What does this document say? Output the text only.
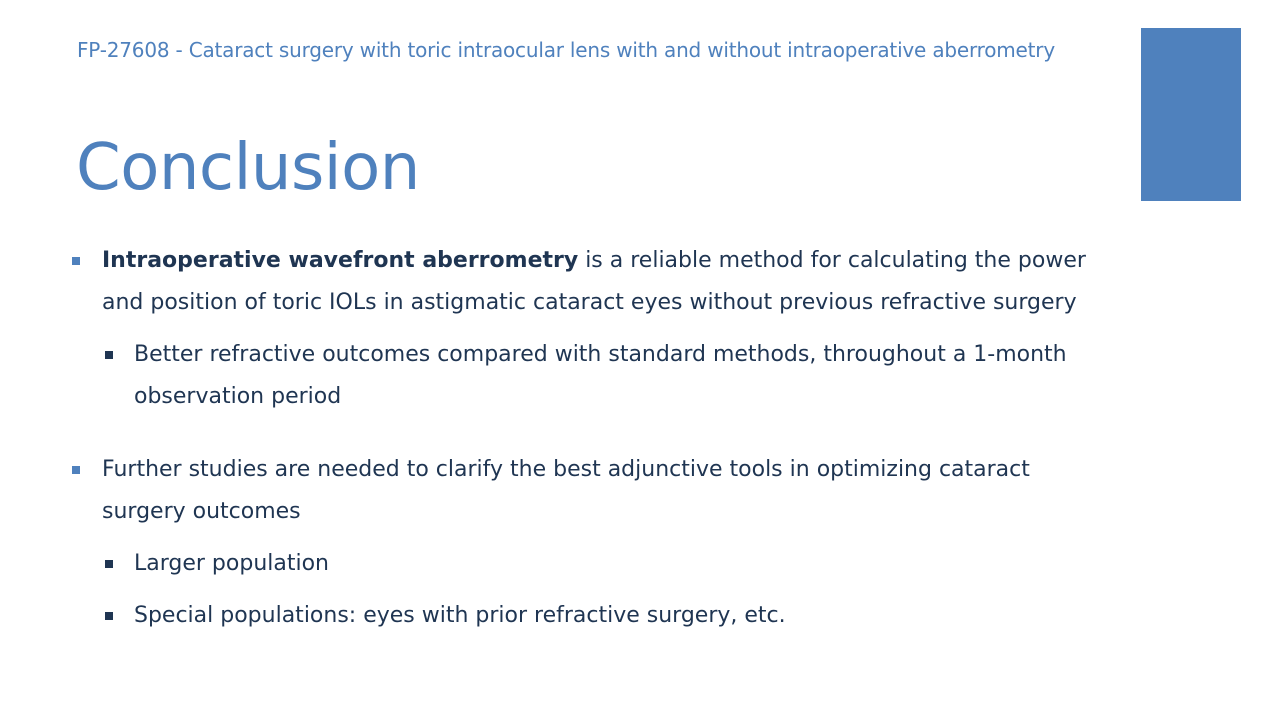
FP-27608 - Cataract surgery with toric intraocular lens with and without intraoperative aberrometry
Conclusion
Intraoperative wavefront aberrometry is a reliable method for calculating the power and position of toric IOLs in astigmatic cataract eyes without previous refractive surgery
Better refractive outcomes compared with standard methods, throughout a 1-month observation period
Further studies are needed to clarify the best adjunctive tools in optimizing cataract surgery outcomes
Larger population
Special populations: eyes with prior refractive surgery, etc.
